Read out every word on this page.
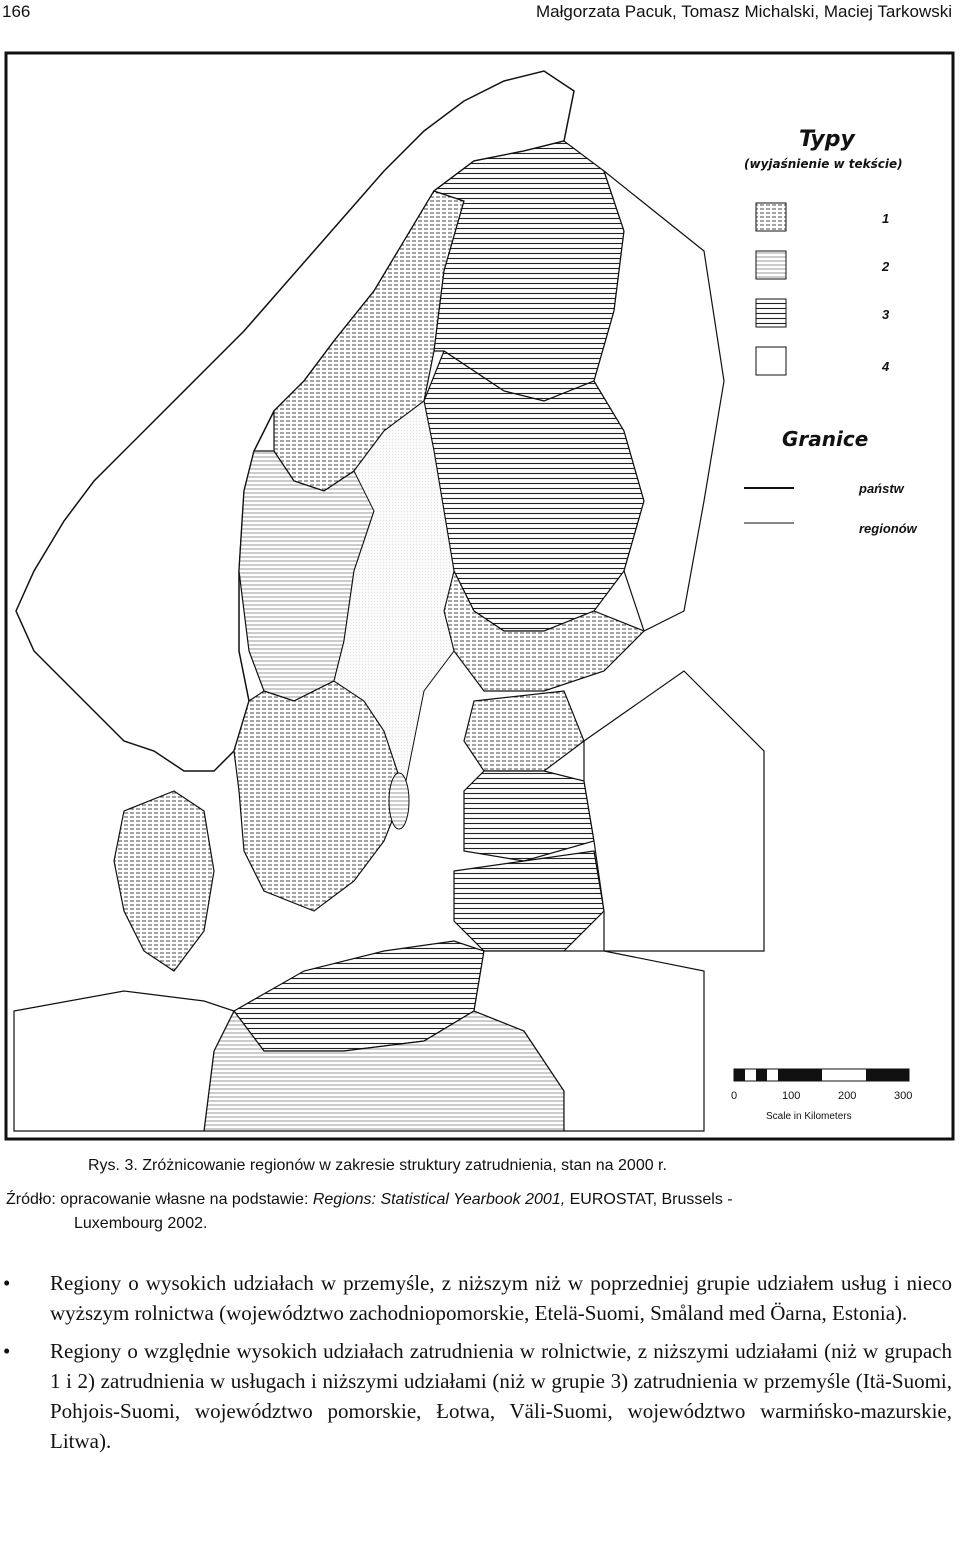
166	Małgorzata Pacuk, Tomasz Michalski, Maciej Tarkowski
Typy
(wyjaśnienie w tekście)
1
2
3
4
Granice
państw
regionów
0	100	200	300
Scale in Kilometers
Rys. 3. Zróżnicowanie regionów w zakresie struktury zatrudnienia, stan na 2000 r.
Źródło: opracowanie własne na podstawie: Regions: Statistical Yearbook 2001, EUROSTAT, Brussels -
Luxembourg 2002.

• Regiony o wysokich udziałach w przemyśle, z niższym niż w poprzedniej grupie udziałem usług i nieco wyższym rolnictwa (województwo zachodniopomorskie, Etelä-Suomi, Småland med Öarna, Estonia).

• Regiony o względnie wysokich udziałach zatrudnienia w rolnictwie, z niższymi udziałami (niż w grupach 1 i 2) zatrudnienia w usługach i niższymi udziałami (niż w grupie 3) zatrudnienia w przemyśle (Itä-Suomi, Pohjois-Suomi, województwo pomorskie, Łotwa, Väli-Suomi, województwo warmińsko-mazurskie, Litwa).
